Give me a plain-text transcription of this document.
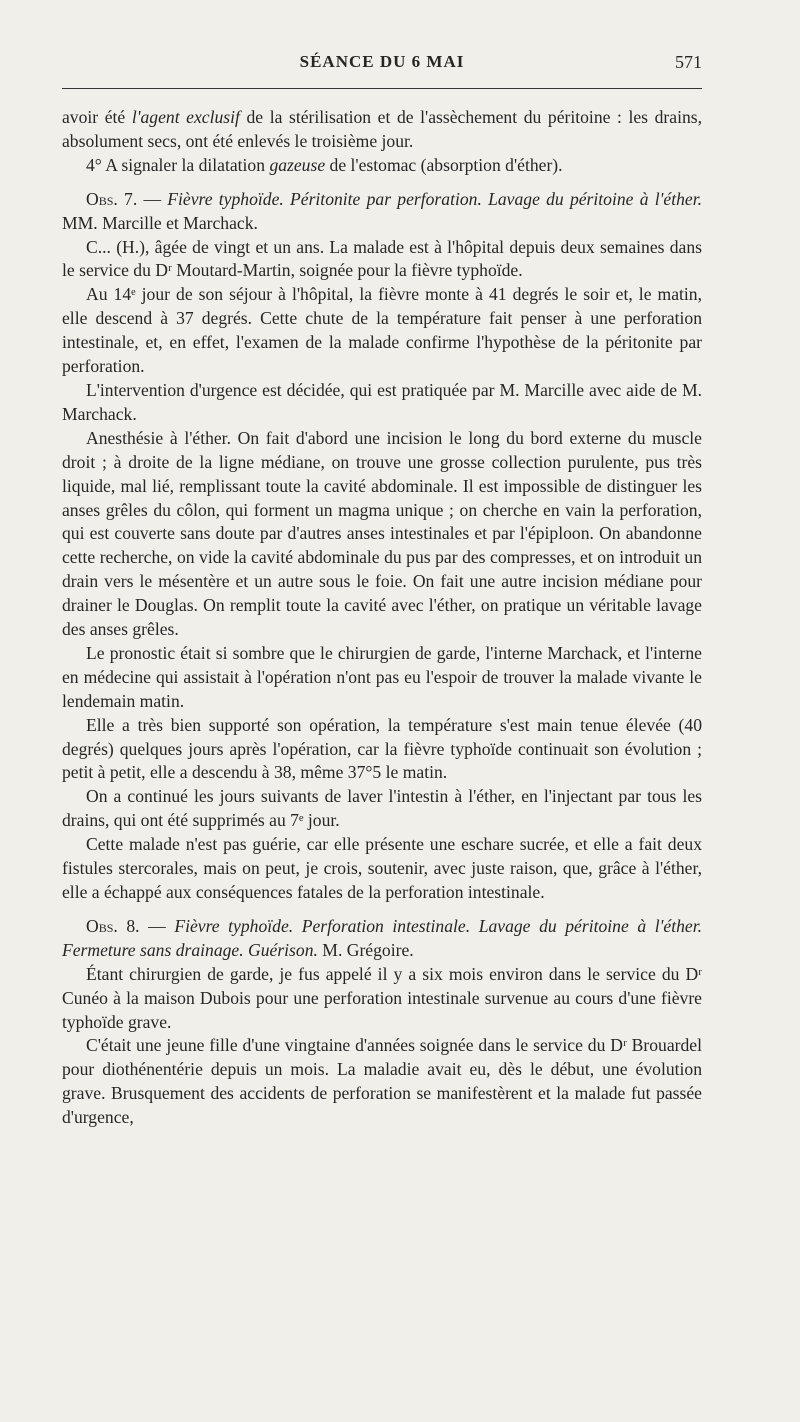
SÉANCE DU 6 MAI	571

avoir été l'agent exclusif de la stérilisation et de l'assèchement du péritoine : les drains, absolument secs, ont été enlevés le troisième jour.

4° A signaler la dilatation gazeuse de l'estomac (absorption d'éther).

Obs. 7. — Fièvre typhoïde. Péritonite par perforation. Lavage du péritoine à l'éther. MM. Marcille et Marchack.

C... (H.), âgée de vingt et un ans. La malade est à l'hôpital depuis deux semaines dans le service du Dʳ Moutard-Martin, soignée pour la fièvre typhoïde.

Au 14ᵉ jour de son séjour à l'hôpital, la fièvre monte à 41 degrés le soir et, le matin, elle descend à 37 degrés. Cette chute de la température fait penser à une perforation intestinale, et, en effet, l'examen de la malade confirme l'hypothèse de la péritonite par perforation.

L'intervention d'urgence est décidée, qui est pratiquée par M. Marcille avec aide de M. Marchack.

Anesthésie à l'éther. On fait d'abord une incision le long du bord externe du muscle droit ; à droite de la ligne médiane, on trouve une grosse collection purulente, pus très liquide, mal lié, remplissant toute la cavité abdominale. Il est impossible de distinguer les anses grêles du côlon, qui forment un magma unique ; on cherche en vain la perforation, qui est couverte sans doute par d'autres anses intestinales et par l'épiploon. On abandonne cette recherche, on vide la cavité abdominale du pus par des compresses, et on introduit un drain vers le mésentère et un autre sous le foie. On fait une autre incision médiane pour drainer le Douglas. On remplit toute la cavité avec l'éther, on pratique un véritable lavage des anses grêles.

Le pronostic était si sombre que le chirurgien de garde, l'interne Marchack, et l'interne en médecine qui assistait à l'opération n'ont pas eu l'espoir de trouver la malade vivante le lendemain matin.

Elle a très bien supporté son opération, la température s'est main tenue élevée (40 degrés) quelques jours après l'opération, car la fièvre typhoïde continuait son évolution ; petit à petit, elle a descendu à 38, même 37°5 le matin.

On a continué les jours suivants de laver l'intestin à l'éther, en l'injectant par tous les drains, qui ont été supprimés au 7ᵉ jour.

Cette malade n'est pas guérie, car elle présente une eschare sucrée, et elle a fait deux fistules stercorales, mais on peut, je crois, soutenir, avec juste raison, que, grâce à l'éther, elle a échappé aux conséquences fatales de la perforation intestinale.

Obs. 8. — Fièvre typhoïde. Perforation intestinale. Lavage du péritoine à l'éther. Fermeture sans drainage. Guérison. M. Grégoire.

Étant chirurgien de garde, je fus appelé il y a six mois environ dans le service du Dʳ Cunéo à la maison Dubois pour une perforation intestinale survenue au cours d'une fièvre typhoïde grave.

C'était une jeune fille d'une vingtaine d'années soignée dans le service du Dʳ Brouardel pour diothénentérie depuis un mois. La maladie avait eu, dès le début, une évolution grave. Brusquement des accidents de perforation se manifestèrent et la malade fut passée d'urgence,
